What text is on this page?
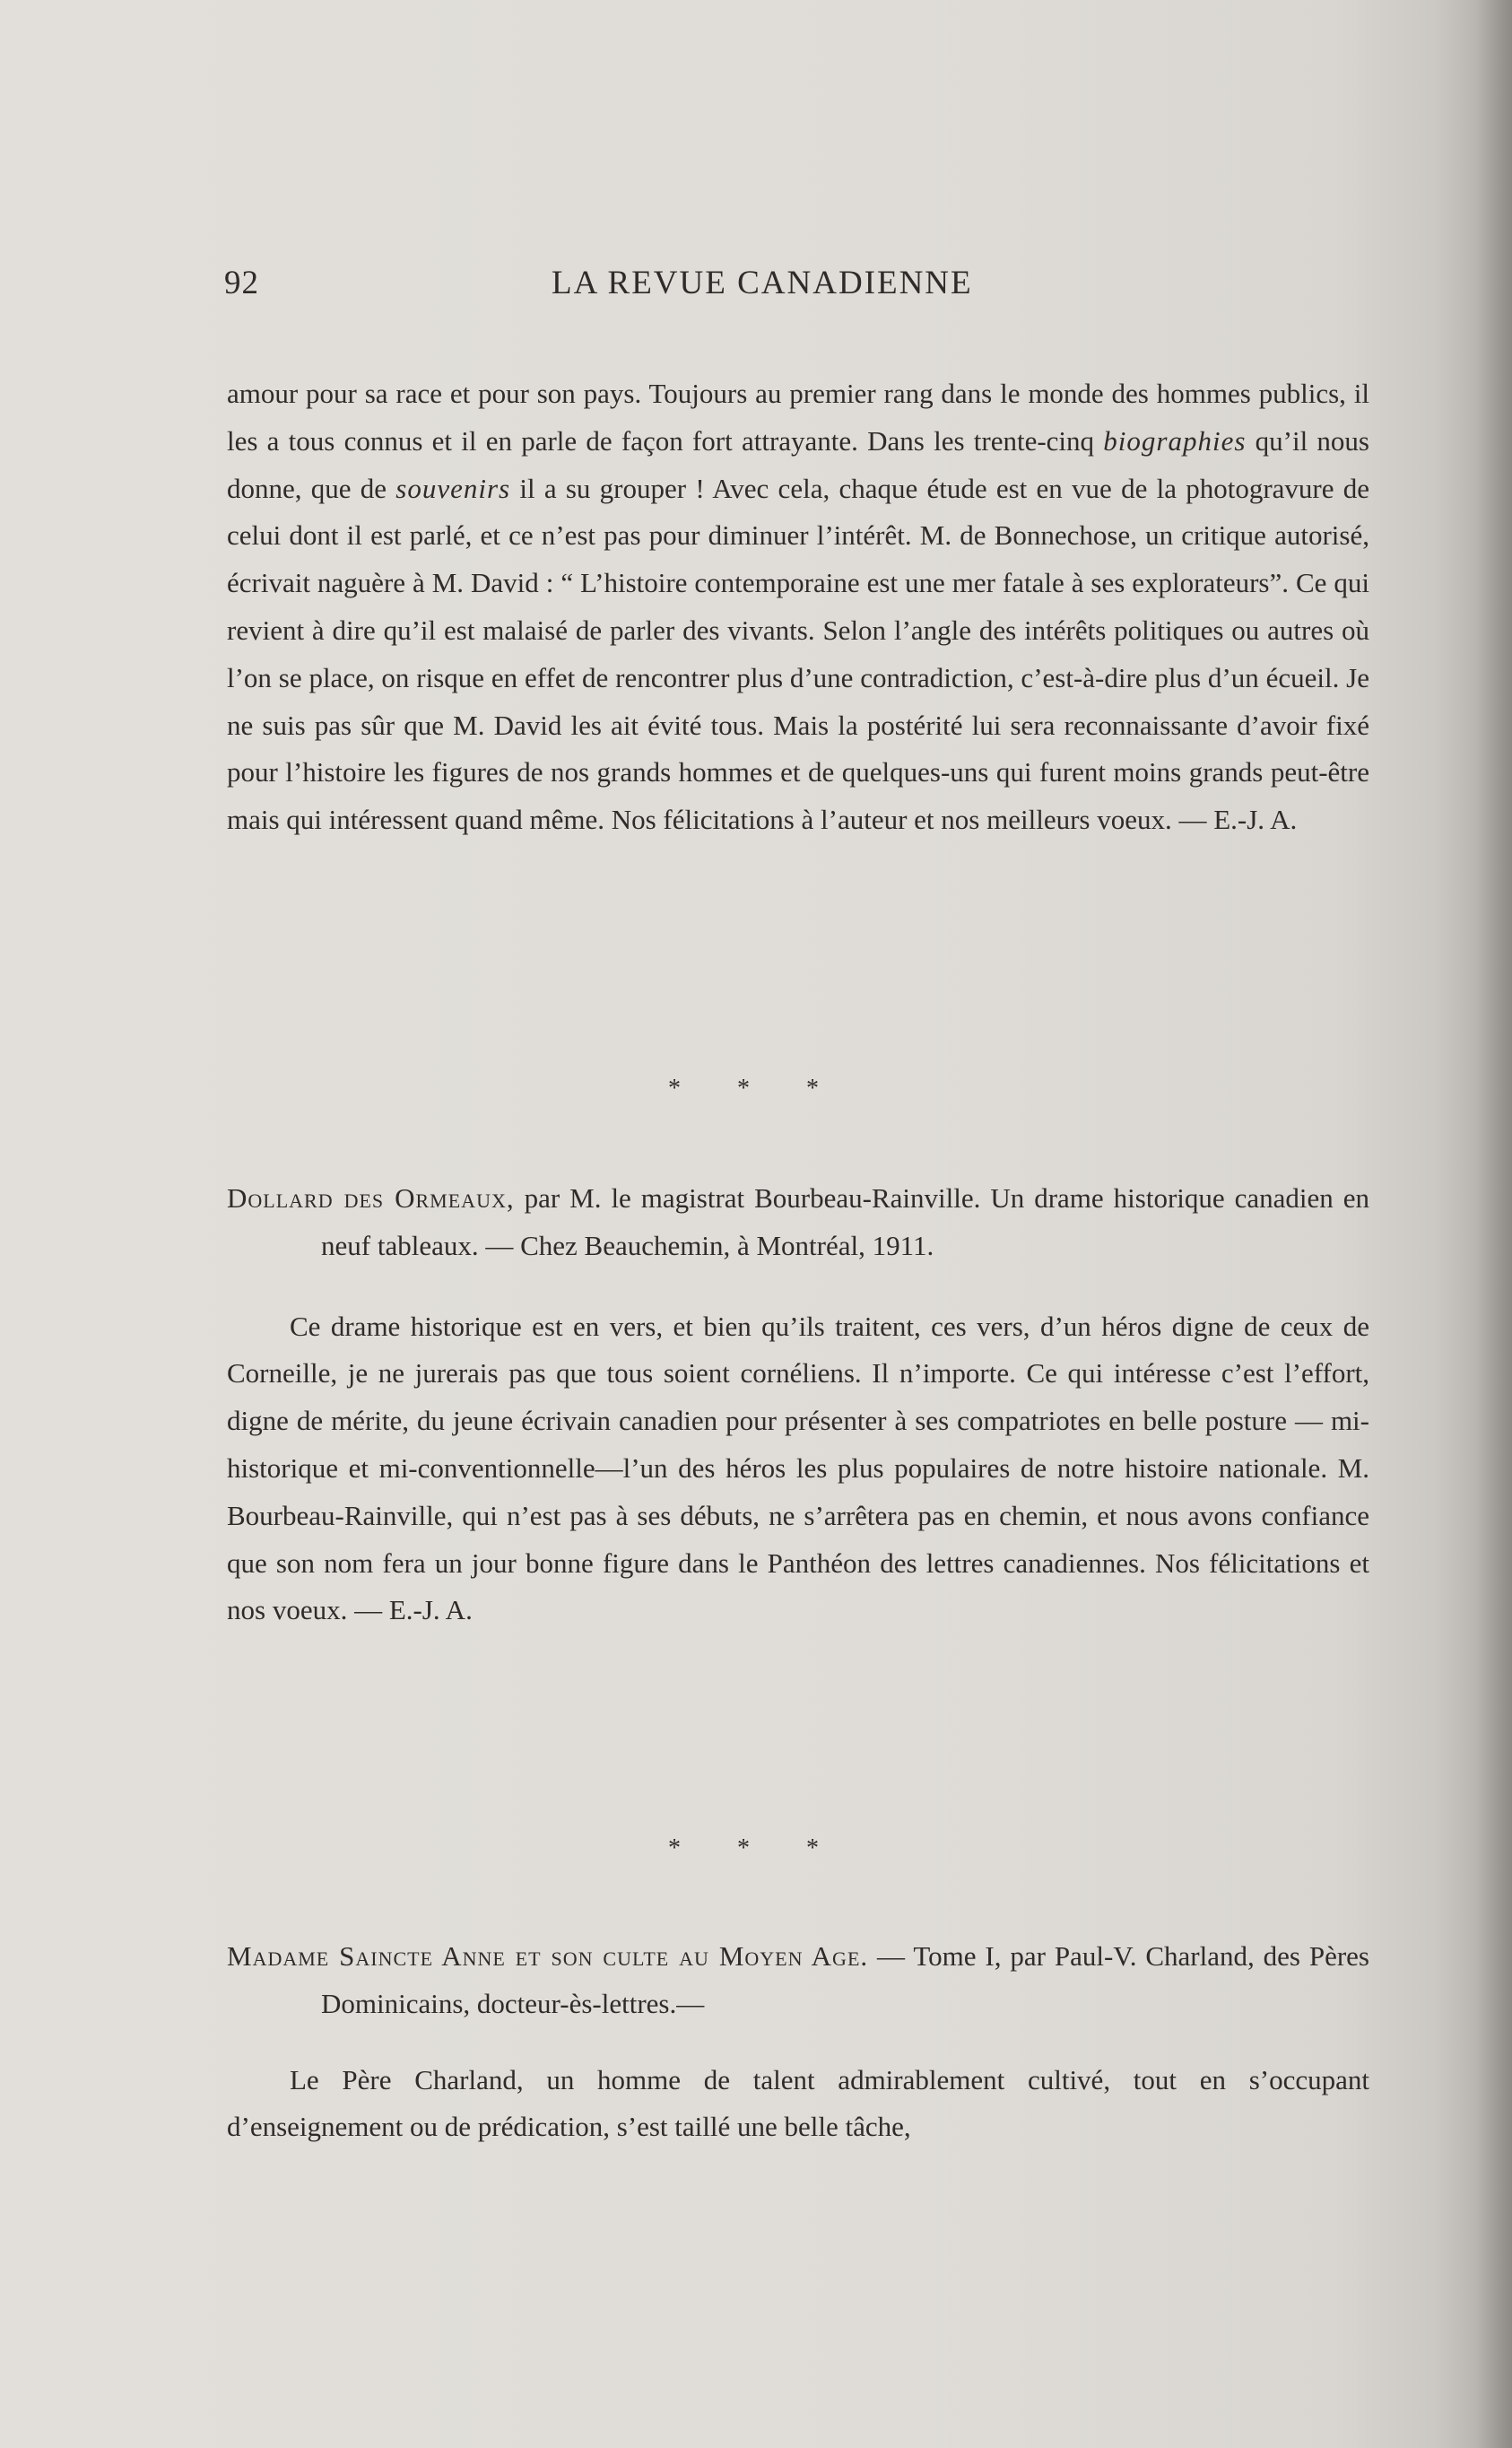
92	LA REVUE CANADIENNE

amour pour sa race et pour son pays. Toujours au premier rang dans le monde des hommes publics, il les a tous connus et il en parle de façon fort attrayante. Dans les trente-cinq biographies qu’il nous donne, que de souvenirs il a su grouper ! Avec cela, chaque étude est en vue de la photogravure de celui dont il est parlé, et ce n’est pas pour diminuer l’intérêt. M. de Bonnechose, un critique autorisé, écrivait naguère à M. David : “ L’histoire contemporaine est une mer fatale à ses explorateurs”. Ce qui revient à dire qu’il est malaisé de parler des vivants. Selon l’angle des intérêts politiques ou autres où l’on se place, on risque en effet de rencontrer plus d’une contradiction, c’est-à-dire plus d’un écueil. Je ne suis pas sûr que M. David les ait évité tous. Mais la postérité lui sera reconnaissante d’avoir fixé pour l’histoire les figures de nos grands hommes et de quelques-uns qui furent moins grands peut-être mais qui intéressent quand même. Nos félicitations à l’auteur et nos meilleurs voeux. — E.-J. A.

* * *

Dollard des Ormeaux, par M. le magistrat Bourbeau-Rainville. Un drame historique canadien en neuf tableaux. — Chez Beauchemin, à Montréal, 1911.

Ce drame historique est en vers, et bien qu’ils traitent, ces vers, d’un héros digne de ceux de Corneille, je ne jurerais pas que tous soient cornéliens. Il n’importe. Ce qui intéresse c’est l’effort, digne de mérite, du jeune écrivain canadien pour présenter à ses compatriotes en belle posture — mi-historique et mi-conventionnelle—l’un des héros les plus populaires de notre histoire nationale. M. Bourbeau-Rainville, qui n’est pas à ses débuts, ne s’arrêtera pas en chemin, et nous avons confiance que son nom fera un jour bonne figure dans le Panthéon des lettres canadiennes. Nos félicitations et nos voeux. — E.-J. A.

* * *

Madame Saincte Anne et son culte au Moyen Age. — Tome I, par Paul-V. Charland, des Pères Dominicains, docteur-ès-lettres.—

Le Père Charland, un homme de talent admirablement cultivé, tout en s’occupant d’enseignement ou de prédication, s’est taillé une belle tâche,
